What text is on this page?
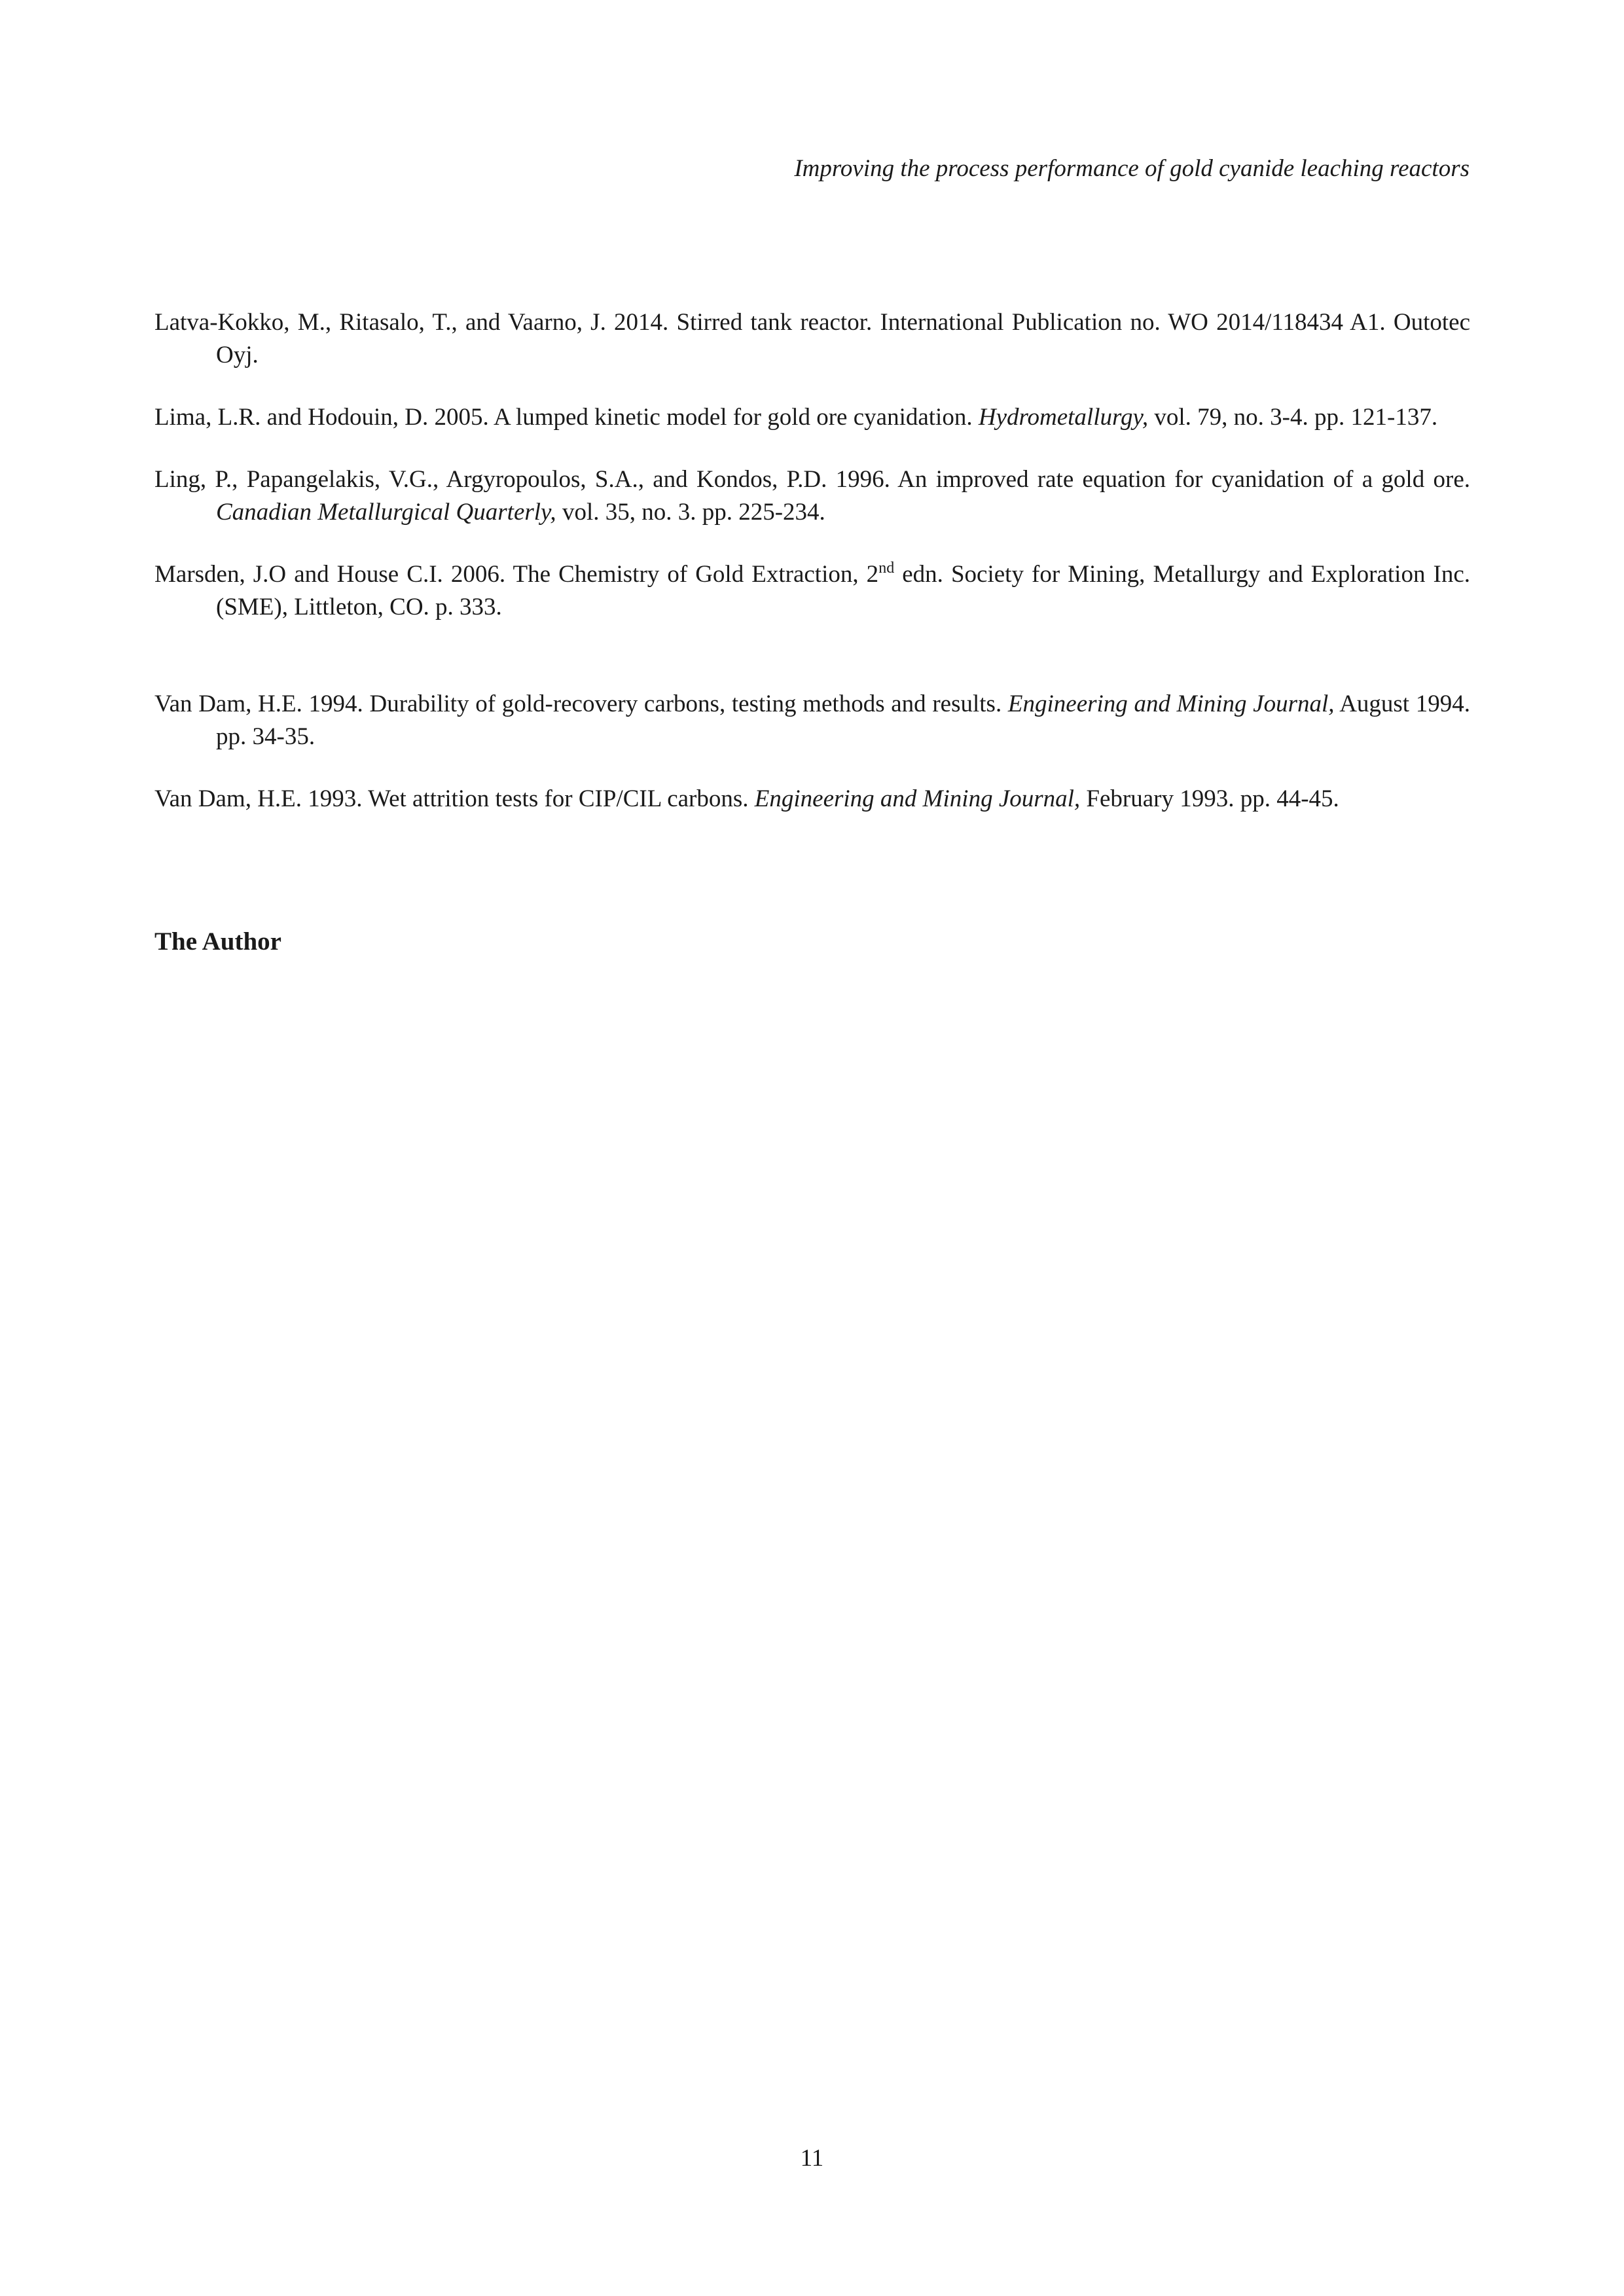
Improving the process performance of gold cyanide leaching reactors

Latva-Kokko, M., Ritasalo, T., and Vaarno, J. 2014. Stirred tank reactor. International Publication no. WO 2014/118434 A1. Outotec Oyj.

Lima, L.R. and Hodouin, D. 2005. A lumped kinetic model for gold ore cyanidation. Hydrometallurgy, vol. 79, no. 3-4. pp. 121-137.

Ling, P., Papangelakis, V.G., Argyropoulos, S.A., and Kondos, P.D. 1996. An improved rate equation for cyanidation of a gold ore. Canadian Metallurgical Quarterly, vol. 35, no. 3. pp. 225-234.

Marsden, J.O and House C.I. 2006. The Chemistry of Gold Extraction, 2nd edn. Society for Mining, Metallurgy and Exploration Inc. (SME), Littleton, CO. p. 333.

Van Dam, H.E. 1994. Durability of gold-recovery carbons, testing methods and results. Engineering and Mining Journal, August 1994. pp. 34-35.

Van Dam, H.E. 1993. Wet attrition tests for CIP/CIL carbons. Engineering and Mining Journal, February 1993. pp. 44-45.

The Author
11
